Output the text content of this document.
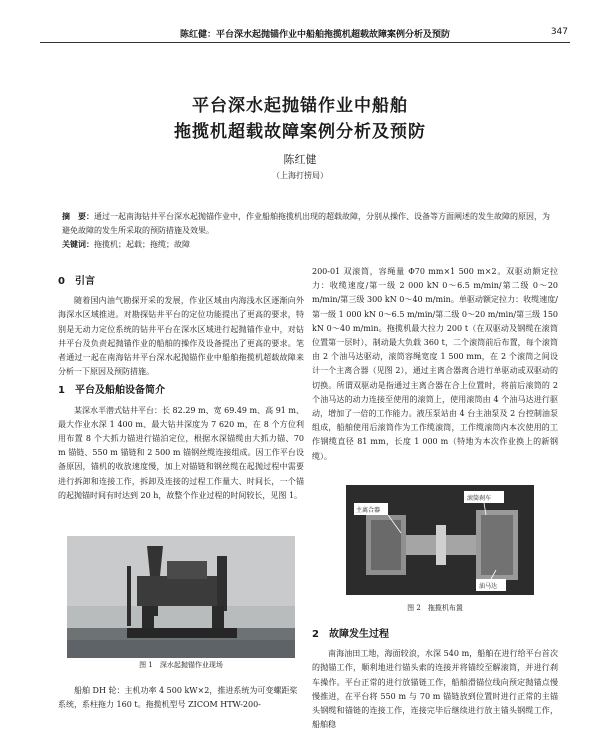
陈红健：平台深水起抛锚作业中船舶拖揽机超载故障案例分析及预防	347
平台深水起抛锚作业中船舶
拖揽机超载故障案例分析及预防
陈红健
（上海打捞局）
摘　要：通过一起南海钻井平台深水起抛锚作业中，作业船舶拖揽机出现的超载故障，分别从操作、设备等方面阐述的发生故障的原因，为避免故障的发生所采取的预防措施及效果。
关键词：拖揽机；起载；拖缆；故障
0　引言

随着国内油气勘探开采的发展，作业区域由内海浅水区逐渐向外海深水区域推进。对勘探钻井平台的定位功能提出了更高的要求，特别是无动力定位系统的钻井平台在深水区域进行起抛锚作业中，对钻井平台及负责起抛锚作业的船舶的操作及设备提出了更高的要求。笔者通过一起在南海钻井平台深水起抛锚作业中船舶拖揽机超载故障来分析一下原因及预防措施。

1　平台及船舶设备简介

某深水半潜式钻井平台：长 82.29 m、宽 69.49 m、高 91 m、最大作业水深 1 400 m、最大钻井深度为 7 620 m，在 8 个方位利用布置 8 个大抓力锚进行锚泊定位，根据水深锚缆由大抓力锚、70 m 锚链、550 m 锚链和 2 500 m 锚钢丝缆连接组成。因工作平台设备原因，锚机的收放速度慢，加上对锚链和钢丝缆在起抛过程中需要进行拆卸和连接工作，拆卸及连接的过程工作量大、时间长，一个锚的起抛锚时间有时达到 20 h，故整个作业过程的时间较长，见图 1。

图 1　深水起抛锚作业现场

船舶 DH 轮：主机功率 4 500 kW×2，推进系统为可变螺距桨系统，系柱拖力 160 t。拖揽机型号 ZICOM HTW-200-

200-01 双滚筒，容绳量 Φ70 mm×1 500 m×2。双驱动额定拉力：收缆速度/第一级 2 000 kN 0～6.5 m/min/第二级 0～20 m/min/第三级 300 kN 0～40 m/min。单驱动额定拉力：收缆速度/第一级 1 000 kN 0～6.5 m/min/第二级 0～20 m/min/第三级 150 kN 0～40 m/min。拖揽机最大拉力 200 t（在双驱动及钢缆在滚筒位置第一层时），制动最大负载 360 t，二个滚筒前后布置，每个滚筒由 2 个油马达驱动，滚筒容绳宽度 1 500 mm，在 2 个滚筒之间设计一个主离合器（见图 2），通过主离合器离合进行单驱动或双驱动的切换。所谓双驱动是指通过主离合器在合上位置时，将前后滚筒的 2 个油马达的动力连接至使用的滚筒上，使用滚筒由 4 个油马达进行驱动，增加了一倍的工作能力。液压泵站由 4 台主油泵及 2 台控制油泵组成，船舶使用后滚筒作为工作缆滚筒，工作缆滚筒内本次使用的工作钢缆直径 81 mm，长度 1 000 m（特地为本次作业换上的新钢缆）。

主离合器
滚筒刹车
油马达
图 2　拖揽机布置
2　故障发生过程

南海油田工地，海面较浪，水深 540 m，船舶在进行给平台首次的抛锚工作，顺利地进行锚头索的连接并将锚绞至解滚筒，并进行刹车操作。平台正常的进行放锚链工作，船舶滑锚位线向预定抛锚点慢慢推进，在平台将 550 m 与 70 m 锚链放到位置时进行正常的主锚头钢缆和锚链的连接工作，连接完毕后继续进行放主锚头钢缆工作，船舶稳
